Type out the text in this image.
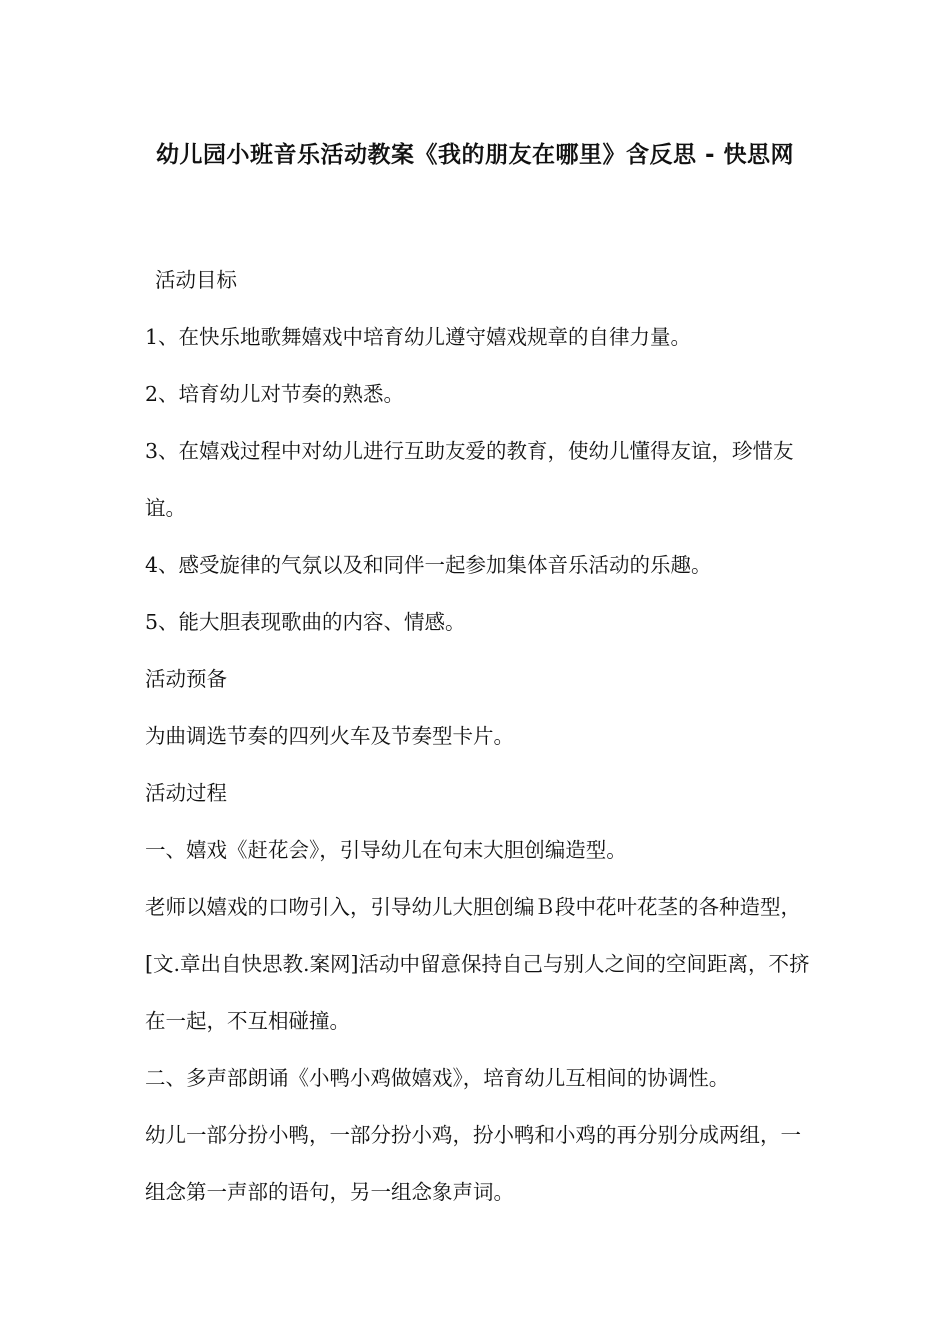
幼儿园小班音乐活动教案《我的朋友在哪里》含反思 - 快思网

活动目标

1、在快乐地歌舞嬉戏中培育幼儿遵守嬉戏规章的自律力量。

2、培育幼儿对节奏的熟悉。

3、在嬉戏过程中对幼儿进行互助友爱的教育，使幼儿懂得友谊，珍惜友谊。

4、感受旋律的气氛以及和同伴一起参加集体音乐活动的乐趣。

5、能大胆表现歌曲的内容、情感。

活动预备

为曲调选节奏的四列火车及节奏型卡片。

活动过程

一、嬉戏《赶花会》，引导幼儿在句末大胆创编造型。

老师以嬉戏的口吻引入，引导幼儿大胆创编Ｂ段中花叶花茎的各种造型，[文.章出自快思教.案网]活动中留意保持自己与别人之间的空间距离，不挤在一起，不互相碰撞。

二、多声部朗诵《小鸭小鸡做嬉戏》，培育幼儿互相间的协调性。

幼儿一部分扮小鸭，一部分扮小鸡，扮小鸭和小鸡的再分别分成两组，一组念第一声部的语句，另一组念象声词。
